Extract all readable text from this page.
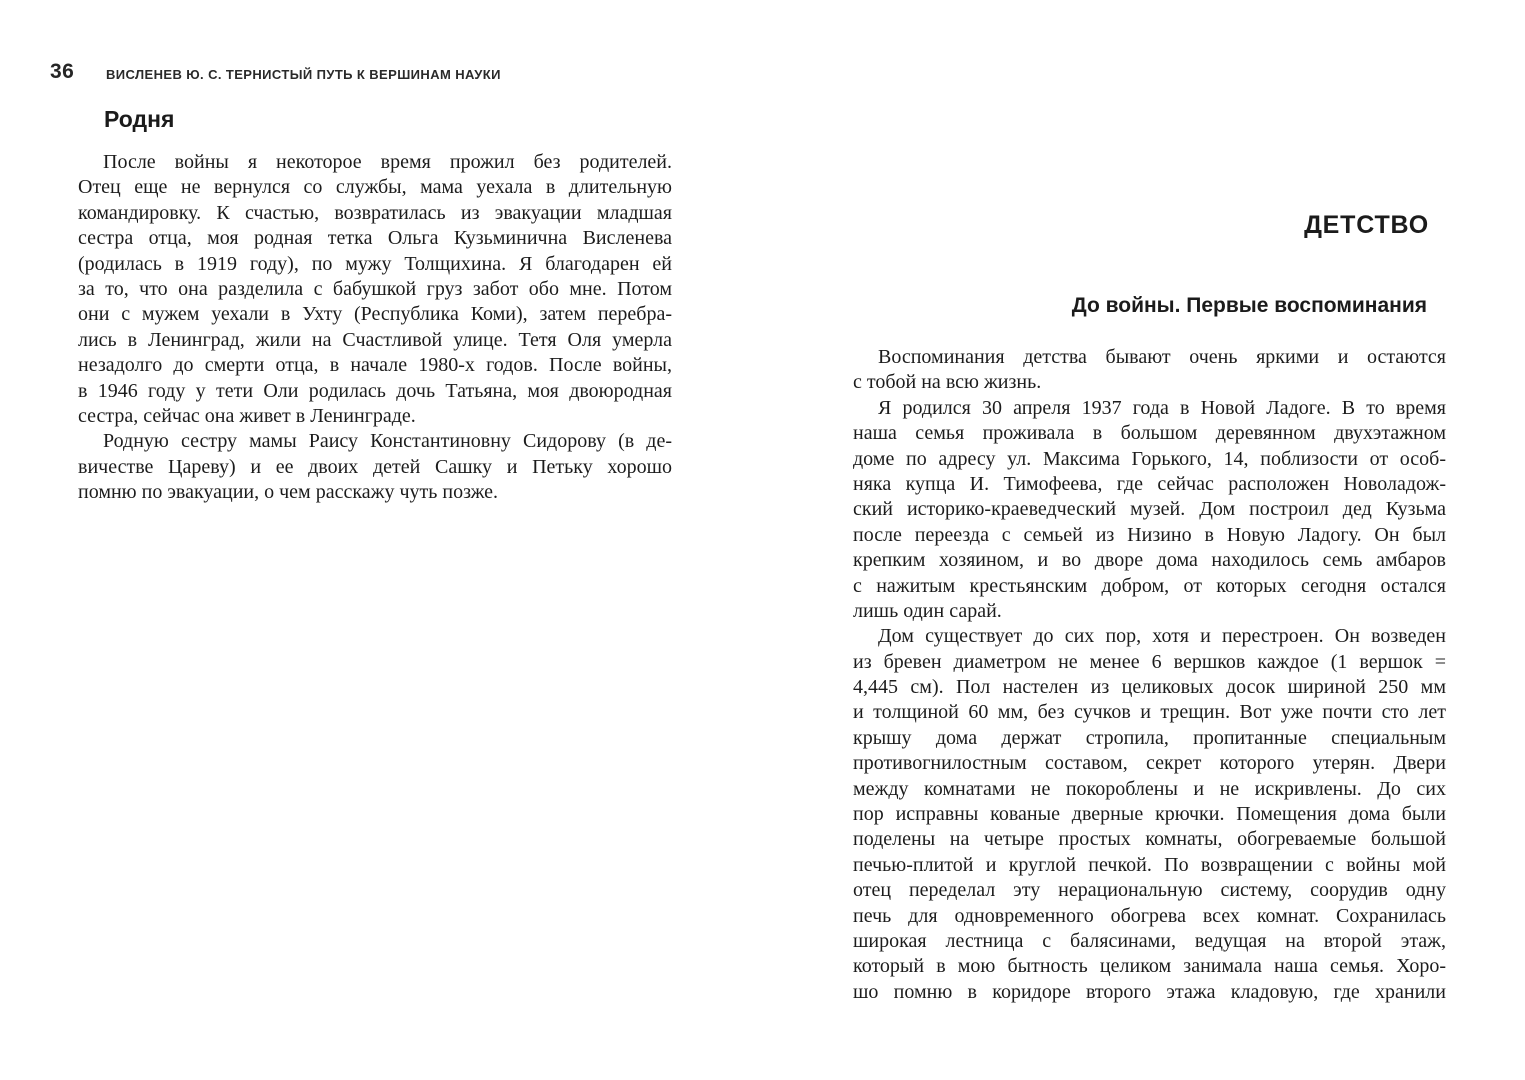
36 ВИСЛЕНЕВ Ю. С. ТЕРНИСТЫЙ ПУТЬ К ВЕРШИНАМ НАУКИ
Родня
После войны я некоторое время прожил без родителей.
Отец еще не вернулся со службы, мама уехала в длительную
командировку. К счастью, возвратилась из эвакуации младшая
сестра отца, моя родная тетка Ольга Кузьминична Висленева
(родилась в 1919 году), по мужу Толщихина. Я благодарен ей
за то, что она разделила с бабушкой груз забот обо мне. Потом
они с мужем уехали в Ухту (Республика Коми), затем перебра-
лись в Ленинград, жили на Счастливой улице. Тетя Оля умерла
незадолго до смерти отца, в начале 1980-х годов. После войны,
в 1946 году у тети Оли родилась дочь Татьяна, моя двоюродная
сестра, сейчас она живет в Ленинграде.
Родную сестру мамы Раису Константиновну Сидорову (в де-
вичестве Цареву) и ее двоих детей Сашку и Петьку хорошо
помню по эвакуации, о чем расскажу чуть позже.
ДЕТСТВО
До войны. Первые воспоминания
Воспоминания детства бывают очень яркими и остаются
с тобой на всю жизнь.
Я родился 30 апреля 1937 года в Новой Ладоге. В то время
наша семья проживала в большом деревянном двухэтажном
доме по адресу ул. Максима Горького, 14, поблизости от особ-
няка купца И. Тимофеева, где сейчас расположен Новоладож-
ский историко-краеведческий музей. Дом построил дед Кузьма
после переезда с семьей из Низино в Новую Ладогу. Он был
крепким хозяином, и во дворе дома находилось семь амбаров
с нажитым крестьянским добром, от которых сегодня остался
лишь один сарай.
Дом существует до сих пор, хотя и перестроен. Он возведен
из бревен диаметром не менее 6 вершков каждое (1 вершок =
4,445 см). Пол настелен из целиковых досок шириной 250 мм
и толщиной 60 мм, без сучков и трещин. Вот уже почти сто лет
крышу дома держат стропила, пропитанные специальным
противогнилостным составом, секрет которого утерян. Двери
между комнатами не покороблены и не искривлены. До сих
пор исправны кованые дверные крючки. Помещения дома были
поделены на четыре простых комнаты, обогреваемые большой
печью-плитой и круглой печкой. По возвращении с войны мой
отец переделал эту нерациональную систему, соорудив одну
печь для одновременного обогрева всех комнат. Сохранилась
широкая лестница с балясинами, ведущая на второй этаж,
который в мою бытность целиком занимала наша семья. Хоро-
шо помню в коридоре второго этажа кладовую, где хранили
